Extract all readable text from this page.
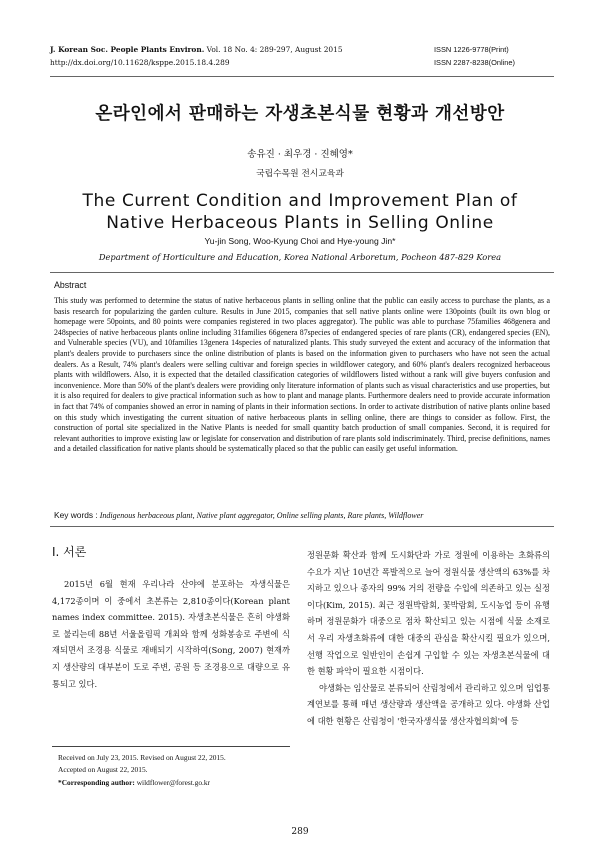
J. Korean Soc. People Plants Environ. Vol. 18 No. 4: 289-297, August 2015
http://dx.doi.org/10.11628/ksppe.2015.18.4.289
ISSN 1226-9778(Print)
ISSN 2287-8238(Online)
온라인에서 판매하는 자생초본식물 현황과 개선방안
송유진 · 최우경 · 진혜영*
국립수목원 전시교육과
The Current Condition and Improvement Plan of
Native Herbaceous Plants in Selling Online
Yu-jin Song, Woo-Kyung Choi and Hye-young Jin*
Department of Horticulture and Education, Korea National Arboretum, Pocheon 487-829 Korea
Abstract
This study was performed to determine the status of native herbaceous plants in selling online that the public can easily access to purchase the plants, as a basis research for popularizing the garden culture. Results in June 2015, companies that sell native plants online were 130points (built its own blog or homepage were 50points, and 80 points were companies registered in two places aggregator). The public was able to purchase 75families 468genera and 248species of native herbaceous plants online including 31families 66genera 87species of endangered species of rare plants (CR), endangered species (EN), and Vulnerable species (VU), and 10families 13genera 14species of naturalized plants. This study surveyed the extent and accuracy of the information that plant's dealers provide to purchasers since the online distribution of plants is based on the information given to purchasers who have not seen the actual dealers. As a Result, 74% plant's dealers were selling cultivar and foreign species in wildflower category, and 60% plant's dealers recognized herbaceous plants with wildflowers. Also, it is expected that the detailed classification categories of wildflowers listed without a rank will give buyers confusion and inconvenience. More than 50% of the plant's dealers were providing only literature information of plants such as visual characteristics and use properties, but it is also required for dealers to give practical information such as how to plant and manage plants. Furthermore dealers need to provide accurate information in fact that 74% of companies showed an error in naming of plants in their information sections. In order to activate distribution of native plants online based on this study which investigating the current situation of native herbaceous plants in selling online, there are things to consider as follow. First, the construction of portal site specialized in the Native Plants is needed for small quantity batch production of small companies. Second, it is required for relevant authorities to improve existing law or legislate for conservation and distribution of rare plants sold indiscriminately. Third, precise definitions, names and a detailed classification for native plants should be systematically placed so that the public can easily get useful information.
Key words : Indigenous herbaceous plant, Native plant aggregator, Online selling plants, Rare plants, Wildflower
Ⅰ. 서론

2015년 6월 현재 우리나라 산야에 분포하는 자생식물은 4,172종이며 이 중에서 초본류는 2,810종이다(Korean plant names index committee. 2015). 자생초본식물은 흔히 야생화로 불리는데 88년 서울올림픽 개최와 함께 성화봉송로 주변에 식재되면서 조경용 식물로 재배되기 시작하여(Song, 2007) 현재까지 생산량의 대부분이 도로 주변, 공원 등 조경용으로 대량으로 유통되고 있다.

정원문화 확산과 함께 도시화단과 가로 정원에 이용하는 초화류의 수요가 지난 10년간 폭발적으로 늘어 정원식물 생산액의 63%를 차지하고 있으나 종자의 99% 거의 전량을 수입에 의존하고 있는 실정이다(Kim, 2015). 최근 정원박람회, 꽃박람회, 도시농업 등이 유행하며 정원문화가 대중으로 점차 확산되고 있는 시점에 식물 소재로서 우리 자생초화류에 대한 대중의 관심을 확산시킬 필요가 있으며, 선행 작업으로 일반인이 손쉽게 구입할 수 있는 자생초본식물에 대한 현황 파악이 필요한 시점이다.

야생화는 임산물로 분류되어 산림청에서 관리하고 있으며 임업통계연보를 통해 매년 생산량과 생산액을 공개하고 있다. 야생화 산업에 대한 현황은 산림청이 '한국자생식물 생산자협의회'에 등

Received on July 23, 2015. Revised on August 22, 2015.
Accepted on August 22, 2015.
*Corresponding author: wildflower@forest.go.kr
289
